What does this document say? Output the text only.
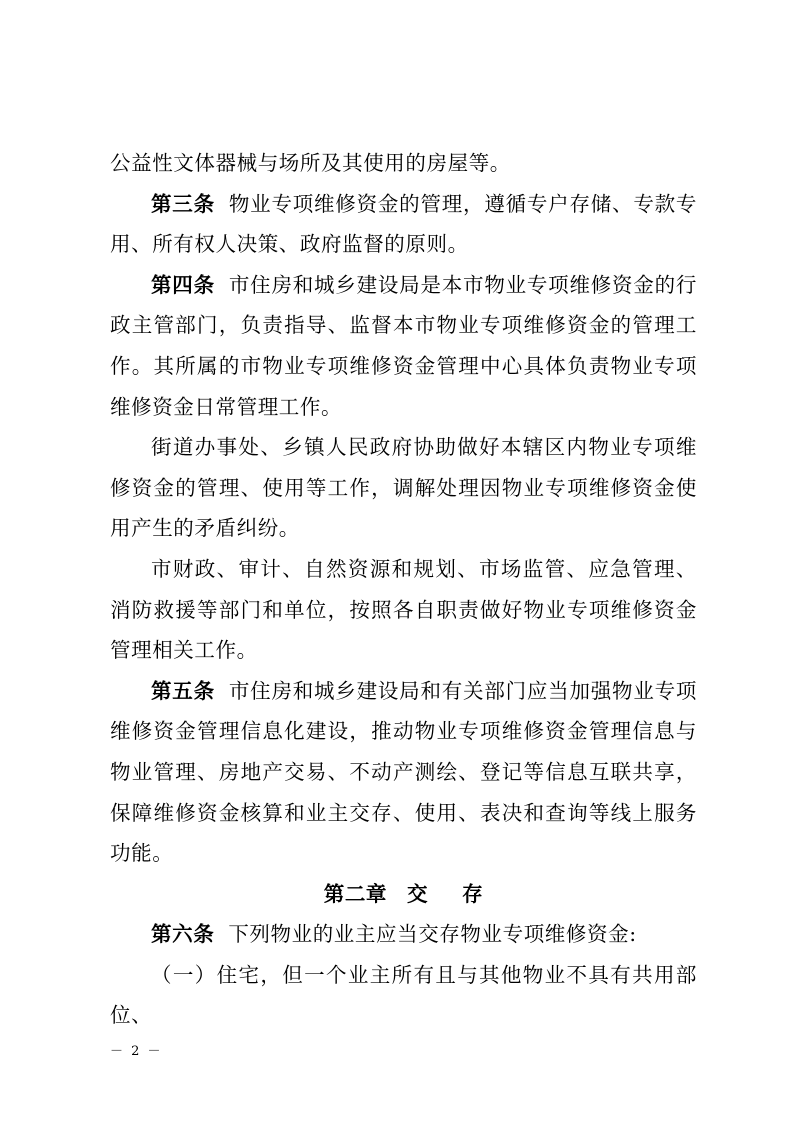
公益性文体器械与场所及其使用的房屋等。

第三条 物业专项维修资金的管理，遵循专户存储、专款专用、所有权人决策、政府监督的原则。

第四条 市住房和城乡建设局是本市物业专项维修资金的行政主管部门，负责指导、监督本市物业专项维修资金的管理工作。其所属的市物业专项维修资金管理中心具体负责物业专项维修资金日常管理工作。

街道办事处、乡镇人民政府协助做好本辖区内物业专项维修资金的管理、使用等工作，调解处理因物业专项维修资金使用产生的矛盾纠纷。

市财政、审计、自然资源和规划、市场监管、应急管理、消防救援等部门和单位，按照各自职责做好物业专项维修资金管理相关工作。

第五条 市住房和城乡建设局和有关部门应当加强物业专项维修资金管理信息化建设，推动物业专项维修资金管理信息与物业管理、房地产交易、不动产测绘、登记等信息互联共享，保障维修资金核算和业主交存、使用、表决和查询等线上服务功能。

第二章 交 存

第六条 下列物业的业主应当交存物业专项维修资金:

（一）住宅，但一个业主所有且与其他物业不具有共用部位、

－ 2 －
